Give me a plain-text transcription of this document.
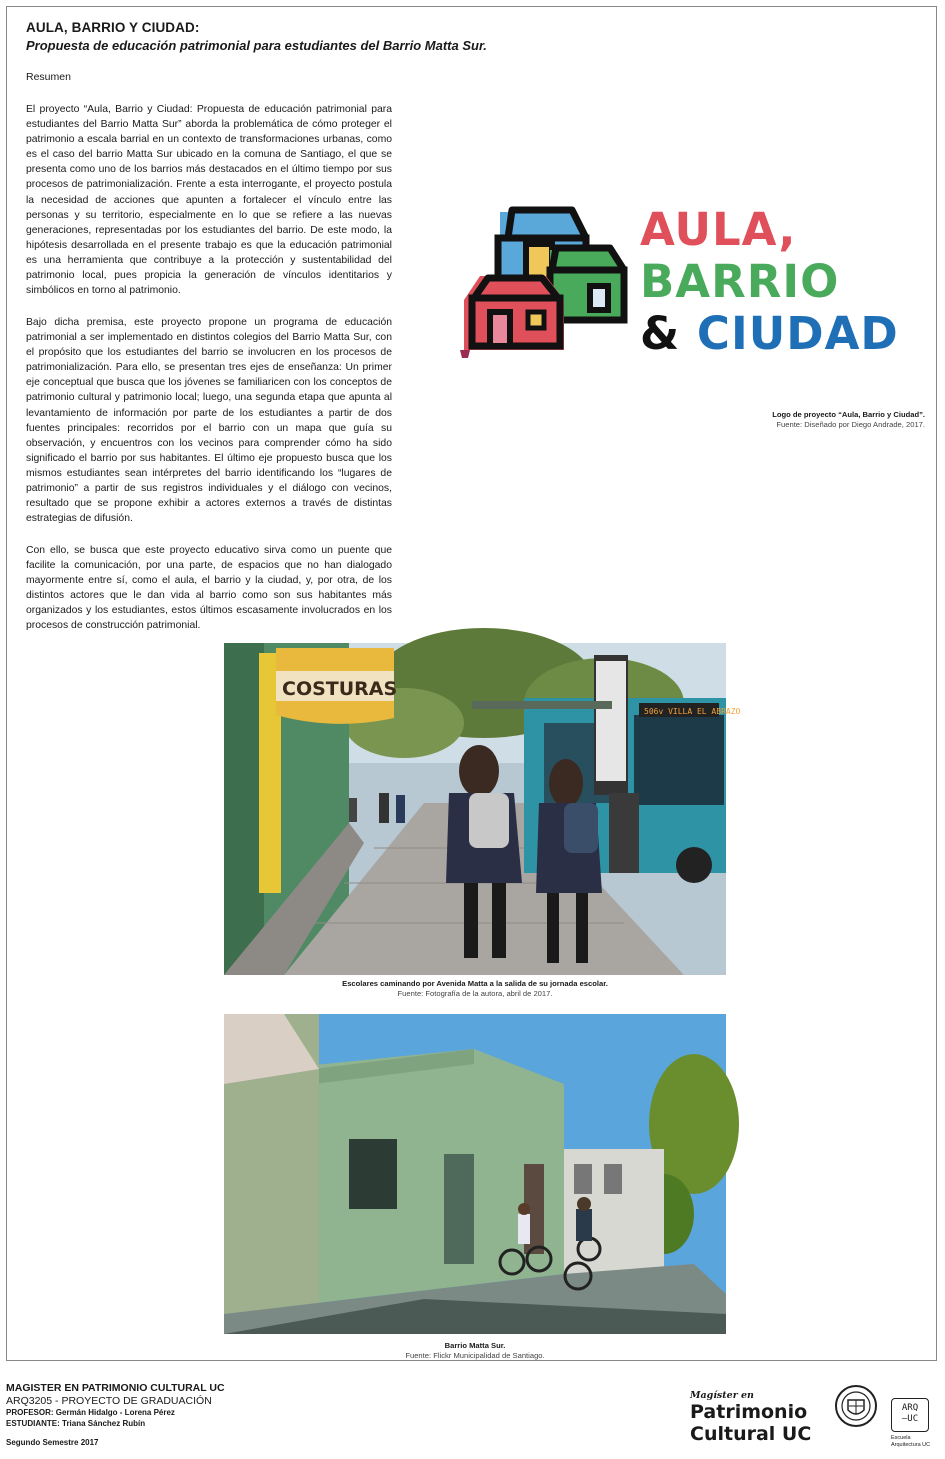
AULA, BARRIO Y CIUDAD:
Propuesta de educación patrimonial para estudiantes del Barrio Matta Sur.
Resumen
El proyecto “Aula, Barrio y Ciudad: Propuesta de educación patrimonial para estudiantes del Barrio Matta Sur” aborda la problemática de cómo proteger el patrimonio a escala barrial en un contexto de transformaciones urbanas, como es el caso del barrio Matta Sur ubicado en la comuna de Santiago, el que se presenta como uno de los barrios más destacados en el último tiempo por sus procesos de patrimonialización. Frente a esta interrogante, el proyecto postula la necesidad de acciones que apunten a fortalecer el vínculo entre las personas y su territorio, especialmente en lo que se refiere a las nuevas generaciones, representadas por los estudiantes del barrio. De este modo, la hipótesis desarrollada en el presente trabajo es que la educación patrimonial es una herramienta que contribuye a la protección y sustentabilidad del patrimonio local, pues propicia la generación de vínculos identitarios y simbólicos en torno al patrimonio.
Bajo dicha premisa, este proyecto propone un programa de educación patrimonial a ser implementado en distintos colegios del Barrio Matta Sur, con el propósito que los estudiantes del barrio se involucren en los procesos de patrimonialización. Para ello, se presentan tres ejes de enseñanza: Un primer eje conceptual que busca que los jóvenes se familiaricen con los conceptos de patrimonio cultural y patrimonio local; luego, una segunda etapa que apunta al levantamiento de información por parte de los estudiantes a partir de dos fuentes principales: recorridos por el barrio con un mapa que guía su observación, y encuentros con los vecinos para comprender cómo ha sido significado el barrio por sus habitantes. El último eje propuesto busca que los mismos estudiantes sean intérpretes del barrio identificando los “lugares de patrimonio” a partir de sus registros individuales y el diálogo con vecinos, resultado que se propone exhibir a actores externos a través de distintas estrategias de difusión.
Con ello, se busca que este proyecto educativo sirva como un puente que facilite la comunicación, por una parte, de espacios que no han dialogado mayormente entre sí, como el aula, el barrio y la ciudad, y, por otra, de los distintos actores que le dan vida al barrio como son sus habitantes más organizados y los estudiantes, estos últimos escasamente involucrados en los procesos de construcción patrimonial.
AULA,
BARRIO
& CIUDAD
Logo de proyecto “Aula, Barrio y Ciudad”.
Fuente: Diseñado por Diego Andrade, 2017.
COSTURAS
506v VILLA EL ABRAZO
Escolares caminando por Avenida Matta a la salida de su jornada escolar.
Fuente: Fotografía de la autora, abril de 2017.
Barrio Matta Sur.
Fuente: Flickr Municipalidad de Santiago.
MAGISTER EN PATRIMONIO CULTURAL UC
ARQ3205 - PROYECTO DE GRADUACIÓN
PROFESOR: Germán Hidalgo - Lorena Pérez
ESTUDIANTE: Triana Sánchez Rubín
Segundo Semestre 2017
Magíster en
Patrimonio
Cultural UC
ARQ
–UC
Escuela Arquitectura UC
